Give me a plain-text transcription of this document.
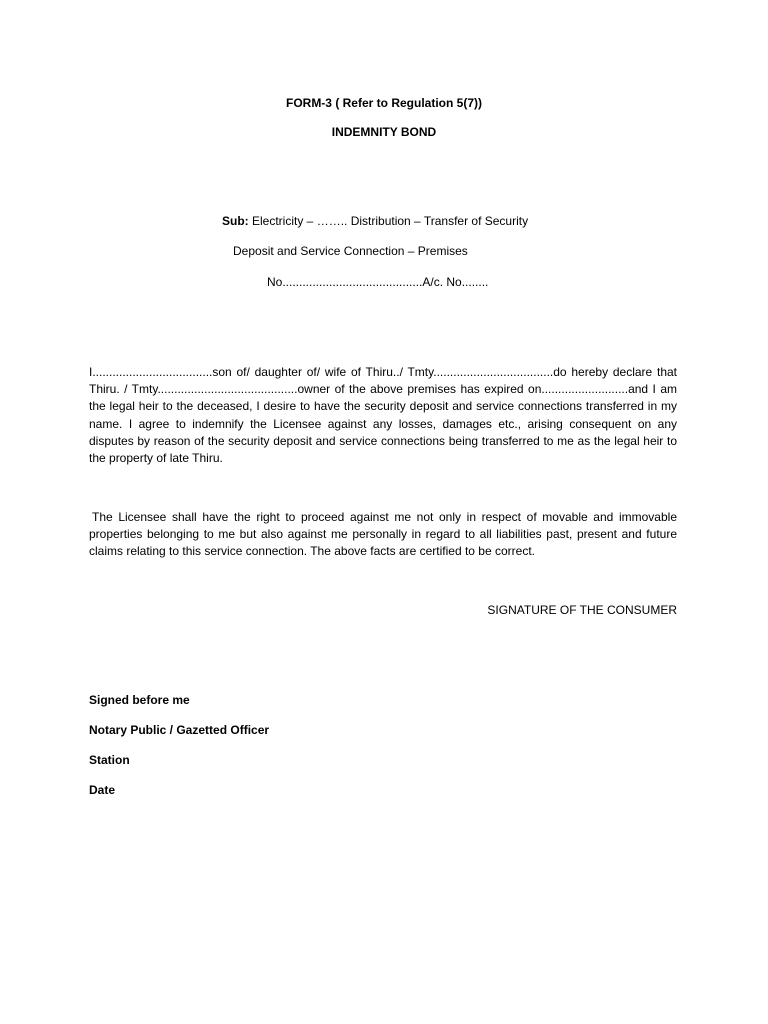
FORM-3 ( Refer to Regulation 5(7))
INDEMNITY BOND
Sub: Electricity – …….. Distribution – Transfer of Security
Deposit and Service Connection – Premises
No..........................................A/c. No........
I....................................son of/ daughter of/ wife of Thiru../ Tmty....................................do hereby declare that Thiru. / Tmty..........................................owner of the above premises has expired on..........................and I am the legal heir to the deceased, I desire to have the security deposit and service connections transferred in my name. I agree to indemnify the Licensee against any losses, damages etc., arising consequent on any disputes by reason of the security deposit and service connections being transferred to me as the legal heir to the property of late Thiru.
The Licensee shall have the right to proceed against me not only in respect of movable and immovable properties belonging to me but also against me personally in regard to all liabilities past, present and future claims relating to this service connection. The above facts are certified to be correct.
SIGNATURE OF THE CONSUMER
Signed before me
Notary Public / Gazetted Officer
Station
Date
